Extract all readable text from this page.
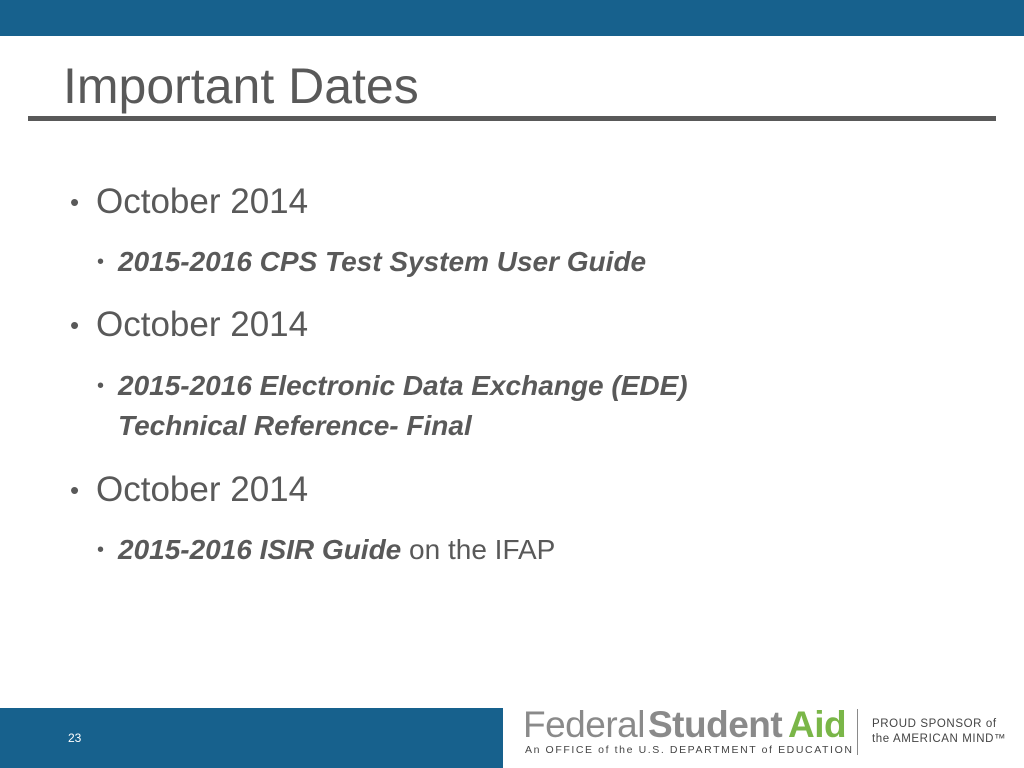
Important Dates
• October 2014
• 2015-2016 CPS Test System User Guide
• October 2014
• 2015-2016 Electronic Data Exchange (EDE) Technical Reference- Final
• October 2014
• 2015-2016 ISIR Guide on the IFAP
23	Federal Student Aid
An OFFICE of the U.S. DEPARTMENT of EDUCATION
PROUD SPONSOR of
the AMERICAN MIND™
